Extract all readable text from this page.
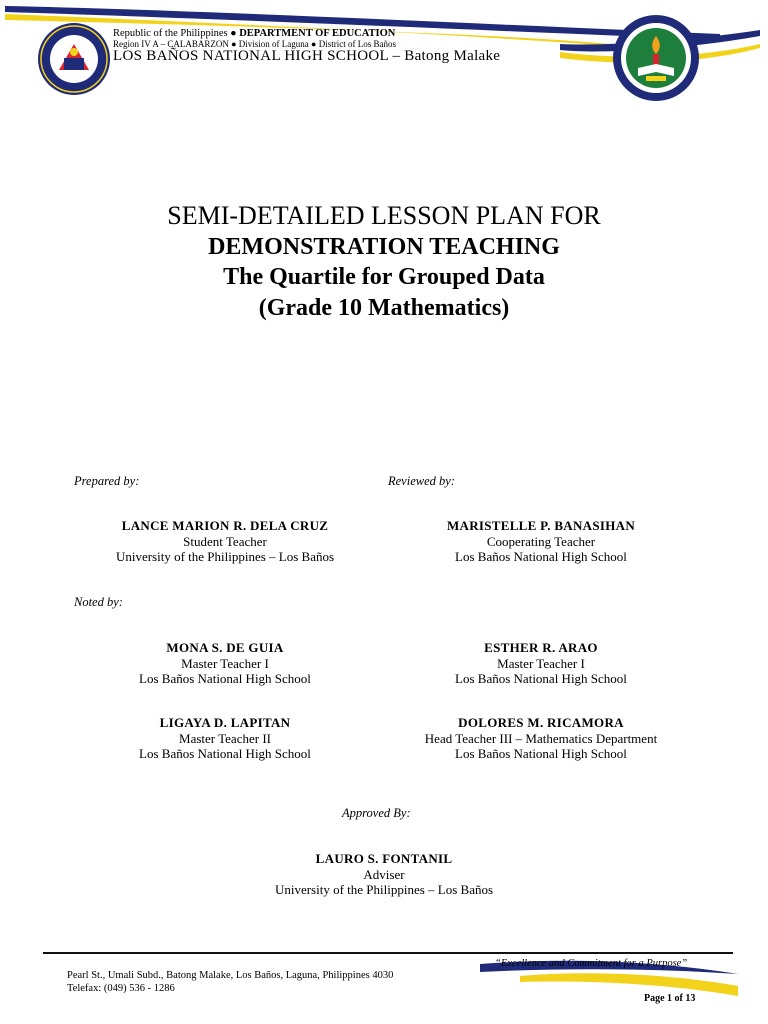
Republic of the Philippines ● DEPARTMENT OF EDUCATION
Region IV A – CALABARZON ● Division of Laguna ● District of Los Baños
LOS BAÑOS NATIONAL HIGH SCHOOL – Batong Malake
SEMI-DETAILED LESSON PLAN FOR
DEMONSTRATION TEACHING
The Quartile for Grouped Data
(Grade 10 Mathematics)
Prepared by:	Reviewed by:
LANCE MARION R. DELA CRUZ
Student Teacher
University of the Philippines – Los Baños
MARISTELLE P. BANASIHAN
Cooperating Teacher
Los Baños National High School
Noted by:
MONA S. DE GUIA
Master Teacher I
Los Baños National High School
ESTHER R. ARAO
Master Teacher I
Los Baños National High School
LIGAYA D. LAPITAN
Master Teacher II
Los Baños National High School
DOLORES M. RICAMORA
Head Teacher III – Mathematics Department
Los Baños National High School
Approved By:
LAURO S. FONTANIL
Adviser
University of the Philippines – Los Baños
Pearl St., Umali Subd., Batong Malake, Los Baños, Laguna, Philippines 4030
Telefax: (049) 536 - 1286
“Excellence and Commitment for a Purpose”
Page 1 of 13
